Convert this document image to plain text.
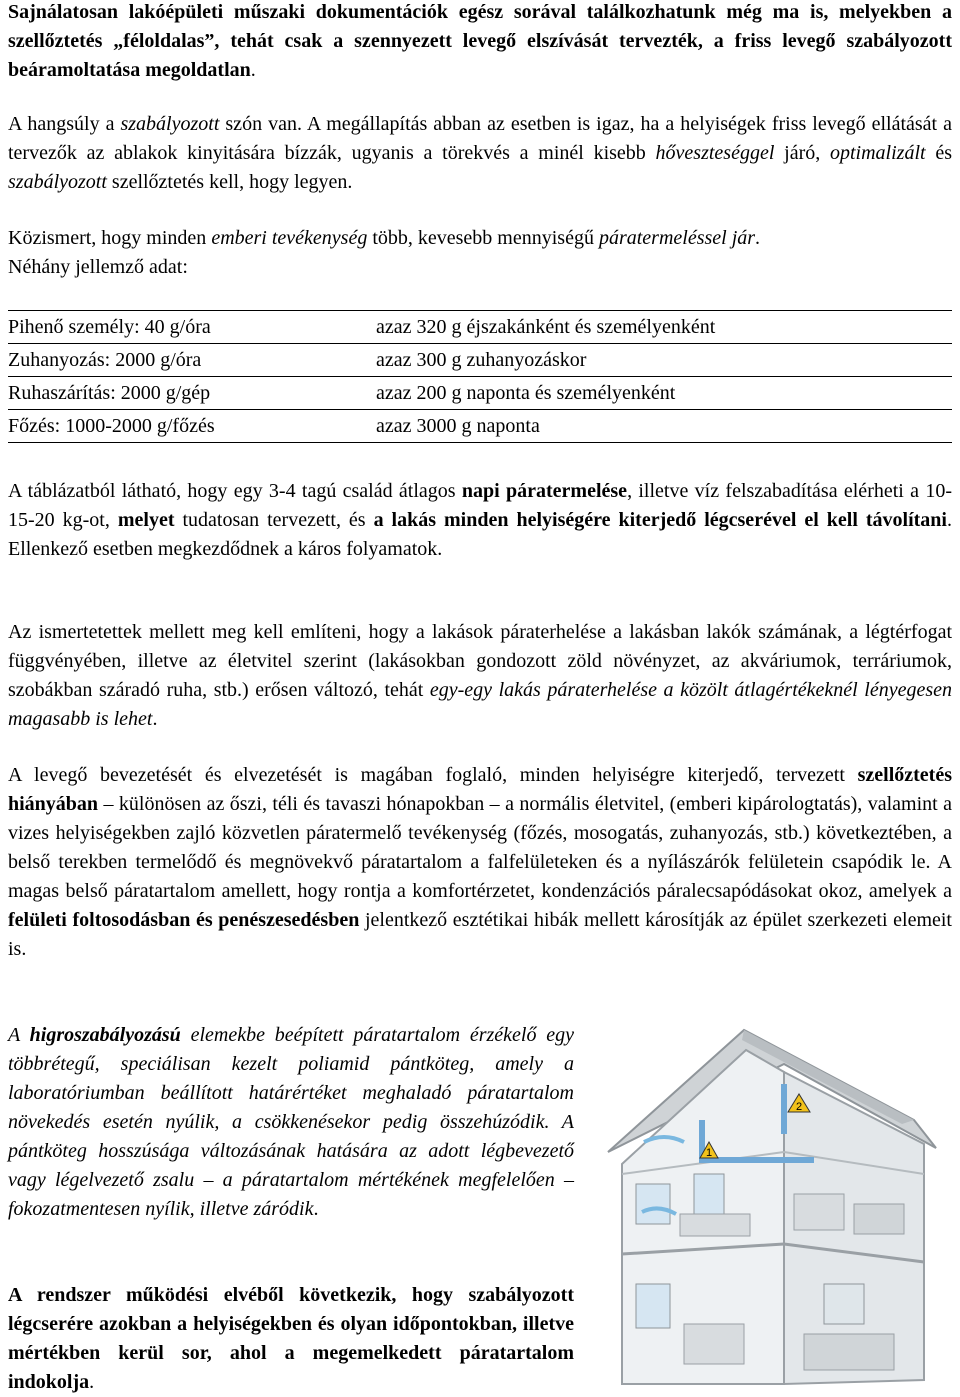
Sajnálatosan lakóépületi műszaki dokumentációk egész sorával találkozhatunk még ma is, melyekben a szellőztetés „féloldalas”, tehát csak a szennyezett levegő elszívását tervezték, a friss levegő szabályozott beáramoltatása megoldatlan.

A hangsúly a szabályozott szón van. A megállapítás abban az esetben is igaz, ha a helyiségek friss levegő ellátását a tervezők az ablakok kinyitására bízzák, ugyanis a törekvés a minél kisebb hőveszteséggel járó, optimalizált és szabályozott szellőztetés kell, hogy legyen.

Közismert, hogy minden emberi tevékenység több, kevesebb mennyiségű páratermeléssel jár.
Néhány jellemző adat:

Pihenő személy: 40 g/óra	azaz 320 g éjszakánként és személyenként
Zuhanyozás: 2000 g/óra	azaz 300 g zuhanyozáskor
Ruhaszárítás: 2000 g/gép	azaz 200 g naponta és személyenként
Főzés: 1000-2000 g/főzés	azaz 3000 g naponta

A táblázatból látható, hogy egy 3-4 tagú család átlagos napi páratermelése, illetve víz felszabadítása elérheti a 10-15-20 kg-ot, melyet tudatosan tervezett, és a lakás minden helyiségére kiterjedő légcserével el kell távolítani. Ellenkező esetben megkezdődnek a káros folyamatok.

Az ismertetettek mellett meg kell említeni, hogy a lakások páraterhelése a lakásban lakók számának, a légtérfogat függvényében, illetve az életvitel szerint (lakásokban gondozott zöld növényzet, az akváriumok, terráriumok, szobákban száradó ruha, stb.) erősen változó, tehát egy-egy lakás páraterhelése a közölt átlagértékeknél lényegesen magasabb is lehet.

A levegő bevezetését és elvezetését is magában foglaló, minden helyiségre kiterjedő, tervezett szellőztetés hiányában – különösen az őszi, téli és tavaszi hónapokban – a normális életvitel, (emberi kipárologtatás), valamint a vizes helyiségekben zajló közvetlen páratermelő tevékenység (főzés, mosogatás, zuhanyozás, stb.) következtében, a belső terekben termelődő és megnövekvő páratartalom a falfelületeken és a nyílászárók felületein csapódik le. A magas belső páratartalom amellett, hogy rontja a komfortérzetet, kondenzációs páralecsapódásokat okoz, amelyek a felületi foltosodásban és penészesedésben jelentkező esztétikai hibák mellett károsítják az épület szerkezeti elemeit is.

A higroszabályozású elemekbe beépített páratartalom érzékelő egy többrétegű, speciálisan kezelt poliamid pántköteg, amely a laboratóriumban beállított határértéket meghaladó páratartalom növekedés esetén nyúlik, a csökkenésekor pedig összehúzódik. A pántköteg hosszúsága változásának hatására az adott légbevezető vagy légelvezető zsalu – a páratartalom mértékének megfelelően – fokozatmentesen nyílik, illetve záródik.

A rendszer működési elvéből következik, hogy szabályozott légcserére azokban a helyiségekben és olyan időpontokban, illetve mértékben kerül sor, ahol a megemelkedett páratartalom indokolja.

1
2
